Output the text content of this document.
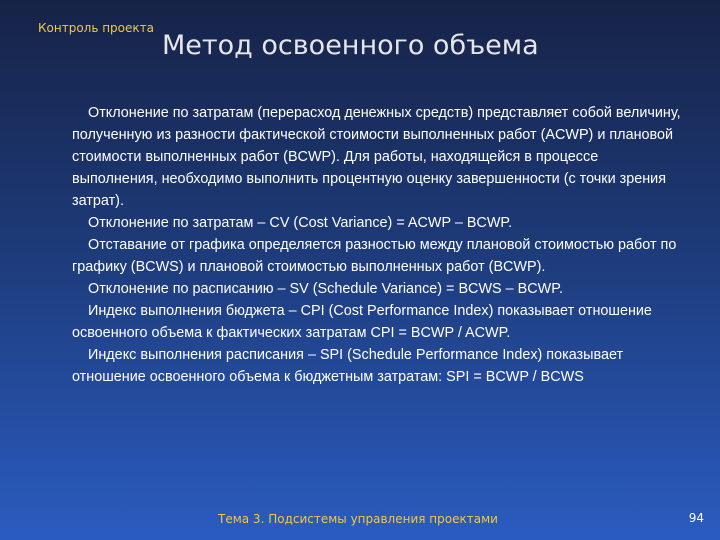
Контроль проекта
Метод освоенного объема

Отклонение по затратам (перерасход денежных средств) представляет собой величину, полученную из разности фактической стоимости выполненных работ (ACWP) и плановой стоимости выполненных работ (BCWP). Для работы, находящейся в процессе выполнения, необходимо выполнить процентную оценку завершенности (с точки зрения затрат).

Отклонение по затратам – CV (Cost Variance) = ACWP – BCWP.

Отставание от графика определяется разностью между плановой стоимостью работ по графику (BCWS) и плановой стоимостью выполненных работ (BCWP).

Отклонение по расписанию – SV (Schedule Variance) = BCWS – BCWP.

Индекс выполнения бюджета – CPI (Cost Performance Index) показывает отношение освоенного объема к фактических затратам CPI = BCWP / ACWP.

Индекс выполнения расписания – SPI (Schedule Performance Index) показывает отношение освоенного объема к бюджетным затратам: SPI = BCWP / BCWS

Тема 3. Подсистемы управления проектами	94
